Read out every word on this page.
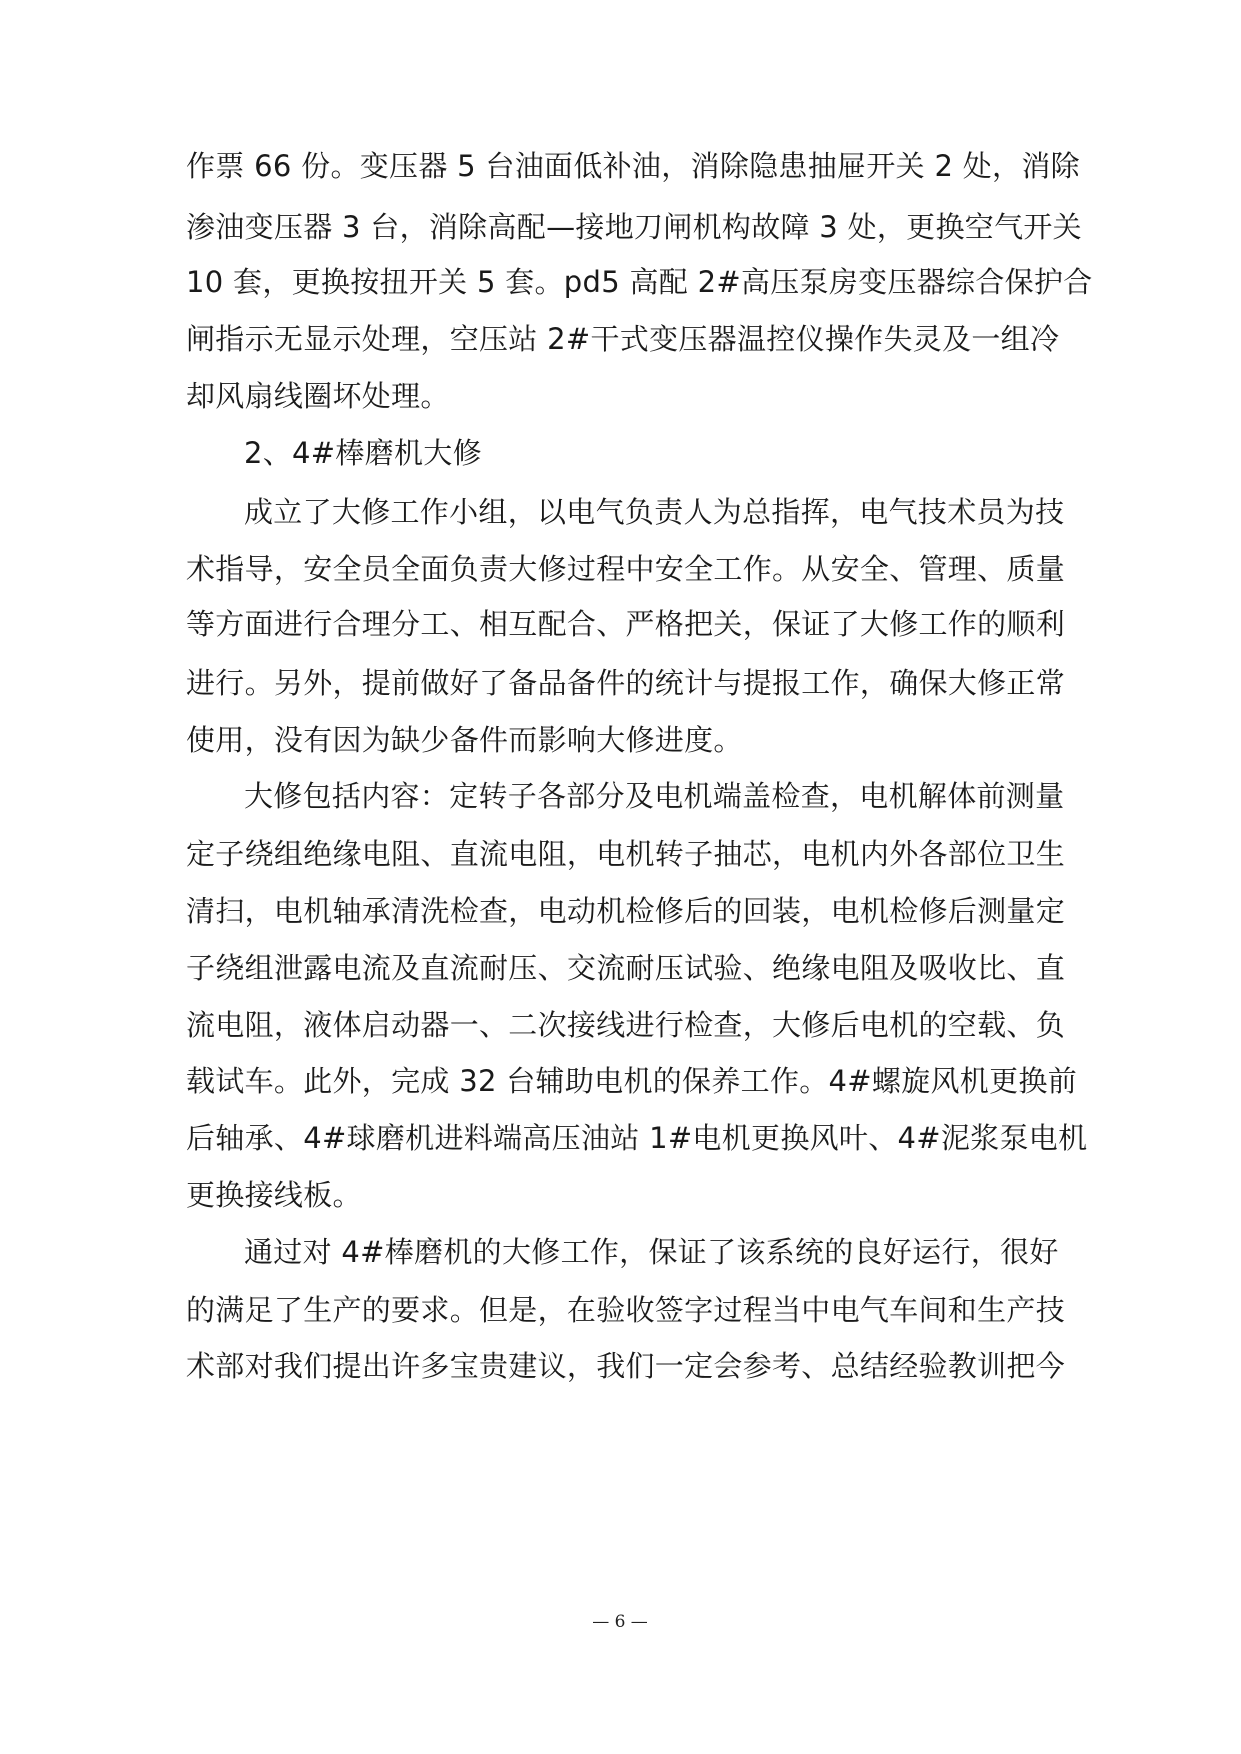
作票 66 份。变压器 5 台油面低补油，消除隐患抽屉开关 2 处，消除
渗油变压器 3 台，消除高配—接地刀闸机构故障 3 处，更换空气开关
10 套，更换按扭开关 5 套。pd5 高配 2#高压泵房变压器综合保护合
闸指示无显示处理，空压站 2#干式变压器温控仪操作失灵及一组冷
却风扇线圈坏处理。
2、4#棒磨机大修
成立了大修工作小组，以电气负责人为总指挥，电气技术员为技
术指导，安全员全面负责大修过程中安全工作。从安全、管理、质量
等方面进行合理分工、相互配合、严格把关，保证了大修工作的顺利
进行。另外，提前做好了备品备件的统计与提报工作，确保大修正常
使用，没有因为缺少备件而影响大修进度。
大修包括内容：定转子各部分及电机端盖检查，电机解体前测量
定子绕组绝缘电阻、直流电阻，电机转子抽芯，电机内外各部位卫生
清扫，电机轴承清洗检查，电动机检修后的回装，电机检修后测量定
子绕组泄露电流及直流耐压、交流耐压试验、绝缘电阻及吸收比、直
流电阻，液体启动器一、二次接线进行检查，大修后电机的空载、负
载试车。此外，完成 32 台辅助电机的保养工作。4#螺旋风机更换前
后轴承、4#球磨机进料端高压油站 1#电机更换风叶、4#泥浆泵电机
更换接线板。
通过对 4#棒磨机的大修工作，保证了该系统的良好运行，很好
的满足了生产的要求。但是，在验收签字过程当中电气车间和生产技
术部对我们提出许多宝贵建议，我们一定会参考、总结经验教训把今
— 6 —
